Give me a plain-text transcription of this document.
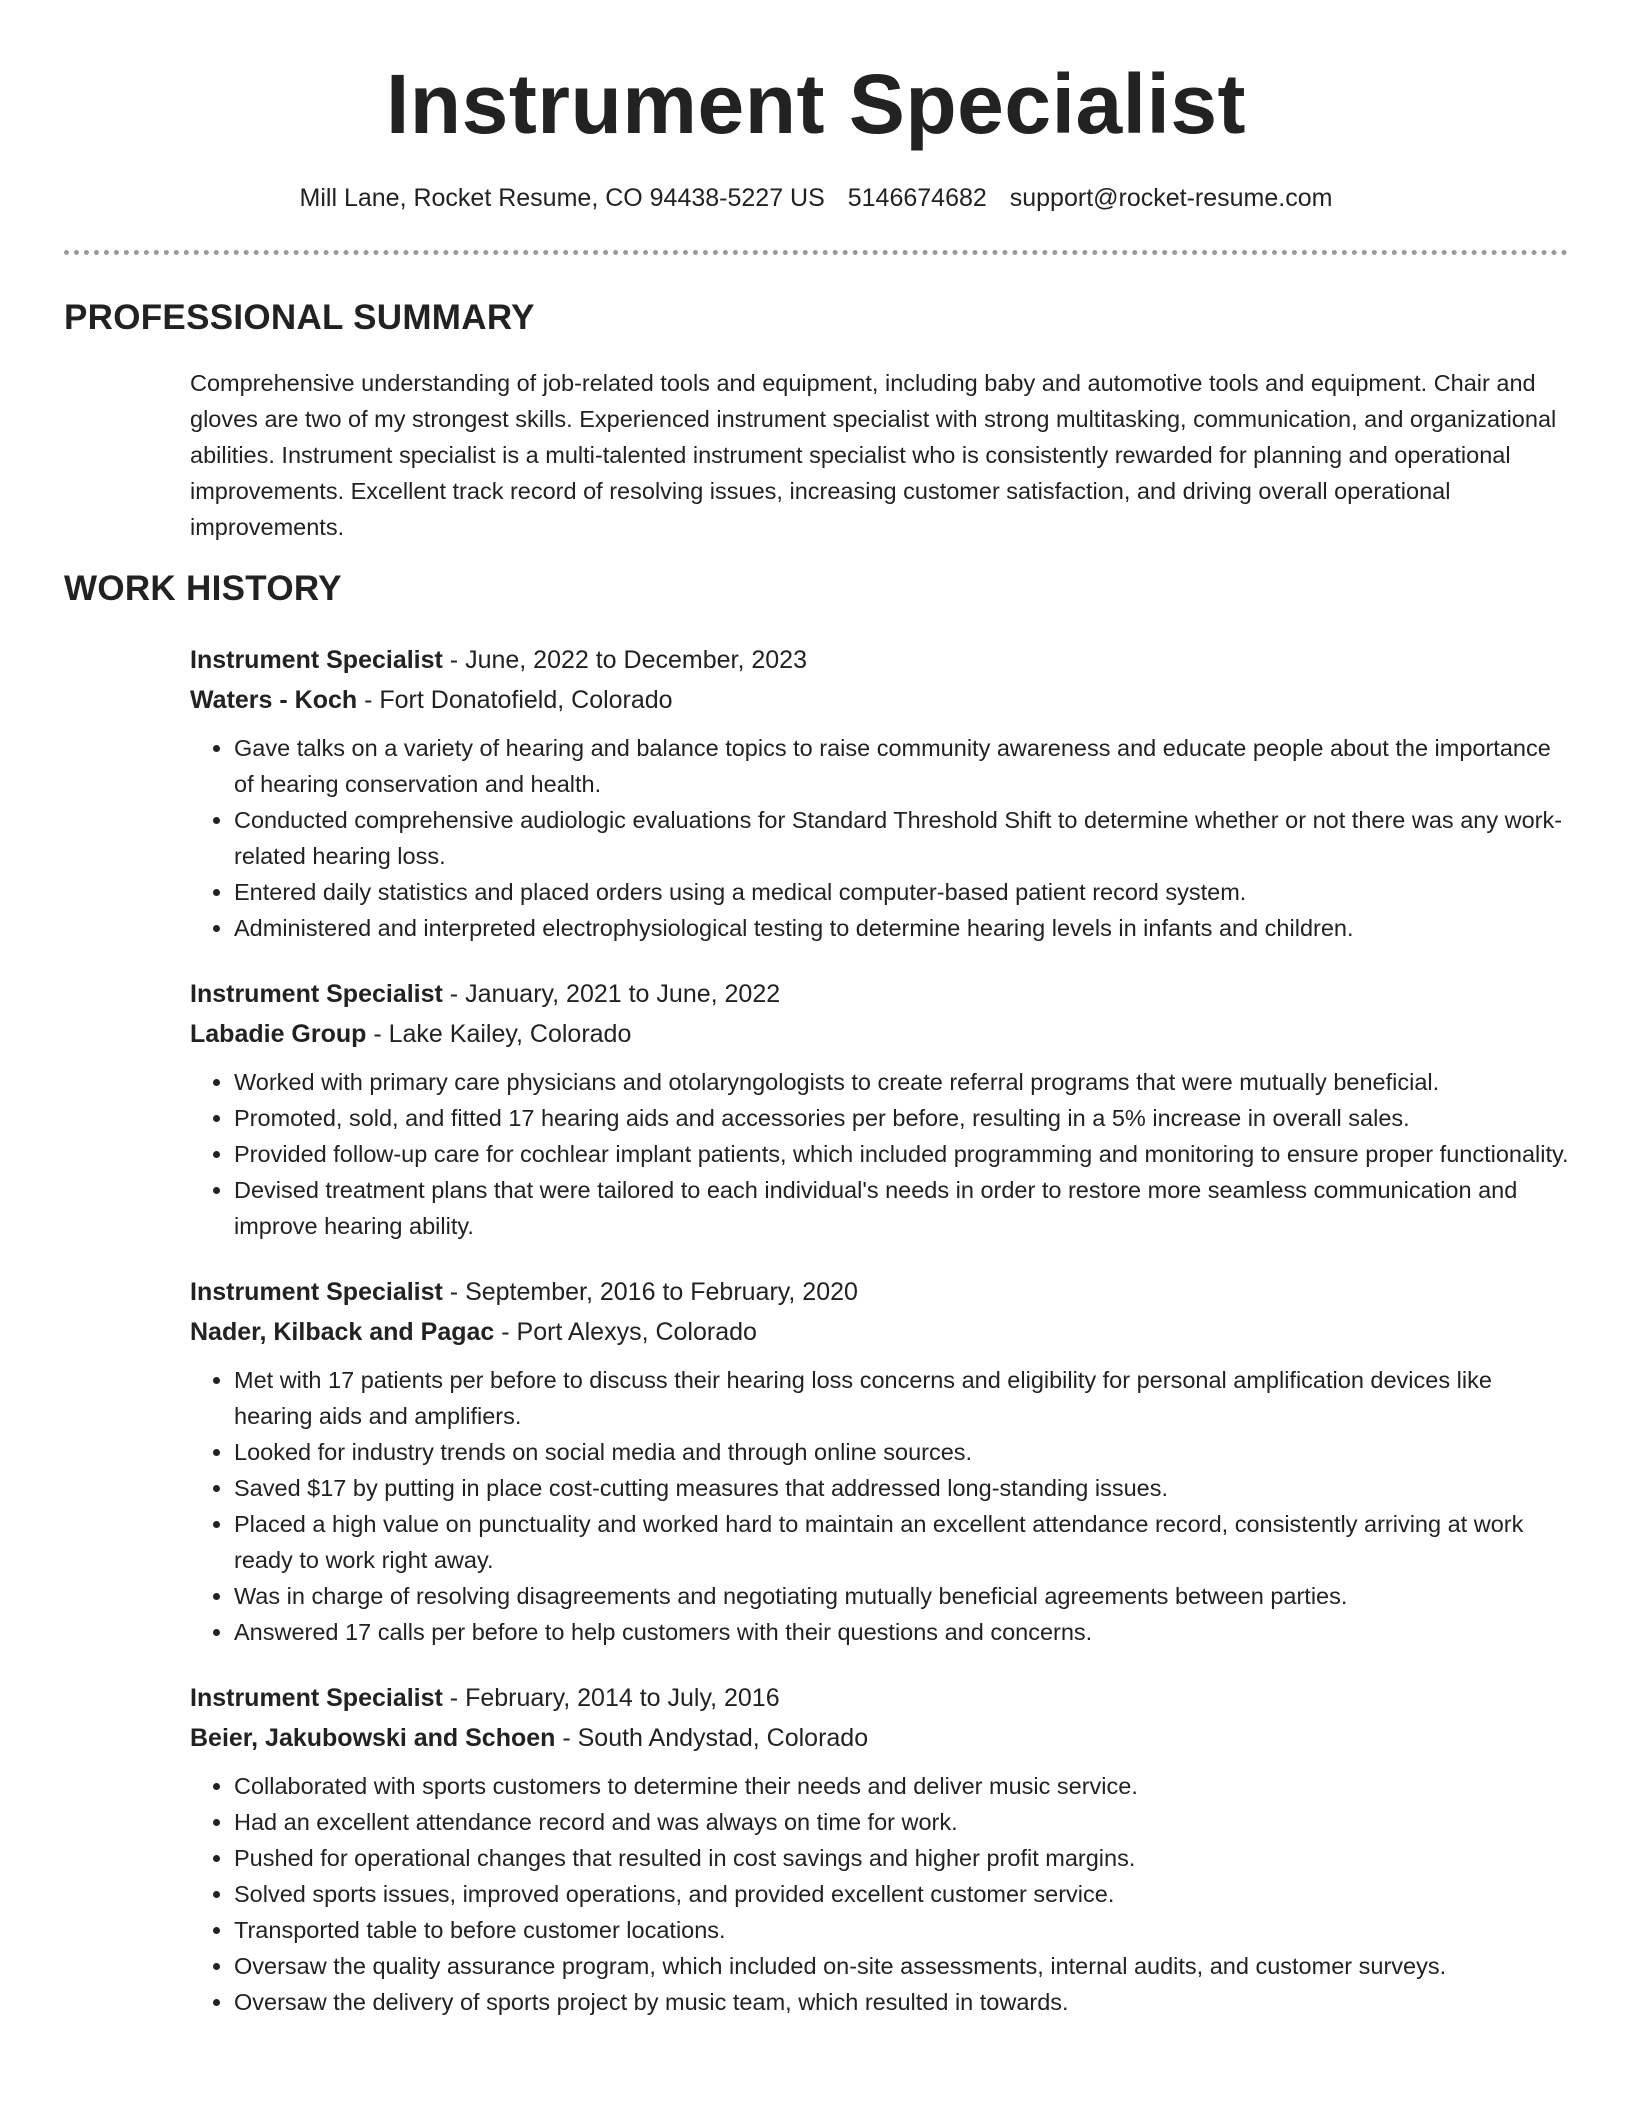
Instrument Specialist
Mill Lane, Rocket Resume, CO 94438-5227 US 5146674682 support@rocket-resume.com
PROFESSIONAL SUMMARY
Comprehensive understanding of job-related tools and equipment, including baby and automotive tools and equipment. Chair and gloves are two of my strongest skills. Experienced instrument specialist with strong multitasking, communication, and organizational abilities. Instrument specialist is a multi-talented instrument specialist who is consistently rewarded for planning and operational improvements. Excellent track record of resolving issues, increasing customer satisfaction, and driving overall operational improvements.
WORK HISTORY
Instrument Specialist - June, 2022 to December, 2023
Waters - Koch - Fort Donatofield, Colorado
• Gave talks on a variety of hearing and balance topics to raise community awareness and educate people about the importance of hearing conservation and health.
• Conducted comprehensive audiologic evaluations for Standard Threshold Shift to determine whether or not there was any work-related hearing loss.
• Entered daily statistics and placed orders using a medical computer-based patient record system.
• Administered and interpreted electrophysiological testing to determine hearing levels in infants and children.
Instrument Specialist - January, 2021 to June, 2022
Labadie Group - Lake Kailey, Colorado
• Worked with primary care physicians and otolaryngologists to create referral programs that were mutually beneficial.
• Promoted, sold, and fitted 17 hearing aids and accessories per before, resulting in a 5% increase in overall sales.
• Provided follow-up care for cochlear implant patients, which included programming and monitoring to ensure proper functionality.
• Devised treatment plans that were tailored to each individual's needs in order to restore more seamless communication and improve hearing ability.
Instrument Specialist - September, 2016 to February, 2020
Nader, Kilback and Pagac - Port Alexys, Colorado
• Met with 17 patients per before to discuss their hearing loss concerns and eligibility for personal amplification devices like hearing aids and amplifiers.
• Looked for industry trends on social media and through online sources.
• Saved $17 by putting in place cost-cutting measures that addressed long-standing issues.
• Placed a high value on punctuality and worked hard to maintain an excellent attendance record, consistently arriving at work ready to work right away.
• Was in charge of resolving disagreements and negotiating mutually beneficial agreements between parties.
• Answered 17 calls per before to help customers with their questions and concerns.
Instrument Specialist - February, 2014 to July, 2016
Beier, Jakubowski and Schoen - South Andystad, Colorado
• Collaborated with sports customers to determine their needs and deliver music service.
• Had an excellent attendance record and was always on time for work.
• Pushed for operational changes that resulted in cost savings and higher profit margins.
• Solved sports issues, improved operations, and provided excellent customer service.
• Transported table to before customer locations.
• Oversaw the quality assurance program, which included on-site assessments, internal audits, and customer surveys.
• Oversaw the delivery of sports project by music team, which resulted in towards.
